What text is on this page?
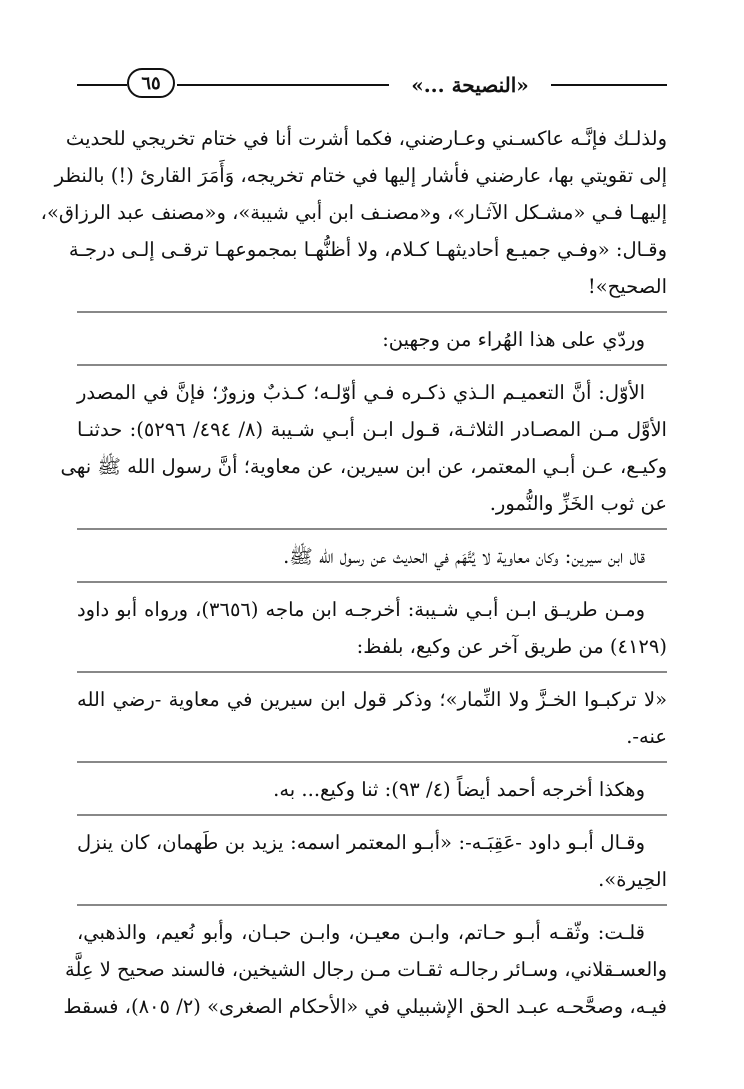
٦٥	«النصيحة ...»

ولذلـك فإنَّـه عاكسـني وعـارضني، فكما أشرت أنا في ختام تخريجي للحديث

إلى تقويتي بها، عارضني فأشار إليها في ختام تخريجه، وَأَمَرَ القارئ (!) بالنظر

إليهـا فـي «مشـكل الآثـار»، و«مصنـف ابن أبي شيبة»، و«مصنف عبد الرزاق»،

وقـال: «وفـي جميـع أحاديثهـا كـلام، ولا أظنُّهـا بمجموعهـا ترقـى إلـى درجـة

الصحيح»!

وردّي على هذا الهُراء من وجهين:

الأوّل: أنَّ التعميـم الـذي ذكـره فـي أوّلـه؛ كـذبٌ وزورٌ؛ فإنَّ في المصدر

الأوَّل مـن المصـادر الثلاثـة، قـول ابـن أبـي شـيبة (٨/ ٤٩٤/ ٥٢٩٦): حدثنـا

وكيـع، عـن أبـي المعتمر، عن ابن سيرين، عن معاوية؛ أنَّ رسول الله ﷺ نهى

عن ثوب الخَزِّ والنُّمور.

قال ابن سيرين: وكان معاوية لا يُتَّهَم في الحديث عن رسول الله ﷺ.

ومـن طريـق ابـن أبـي شـيبة: أخرجـه ابن ماجه (٣٦٥٦)، ورواه أبو داود

(٤١٢٩) من طريق آخر عن وكيع، بلفظ:

«لا تركبـوا الخـزَّ ولا النِّمار»؛ وذكر قول ابن سيرين في معاوية -رضي الله

عنه-.

وهكذا أخرجه أحمد أيضاً (٤/ ٩٣): ثنا وكيع... به.

وقـال أبـو داود -عَقِبَـه-: «أبـو المعتمر اسمه: يزيد بن طَهمان، كان ينزل

الحِيرة».

قلـت: وثّقـه أبـو حـاتم، وابـن معيـن، وابـن حبـان، وأبو نُعيم، والذهبي،

والعسـقلاني، وسـائر رجالـه ثقـات مـن رجال الشيخين، فالسند صحيح لا عِلَّة

فيـه، وصحَّحـه عبـد الحق الإشبيلي في «الأحكام الصغرى» (٢/ ٨٠٥)، فسقط
